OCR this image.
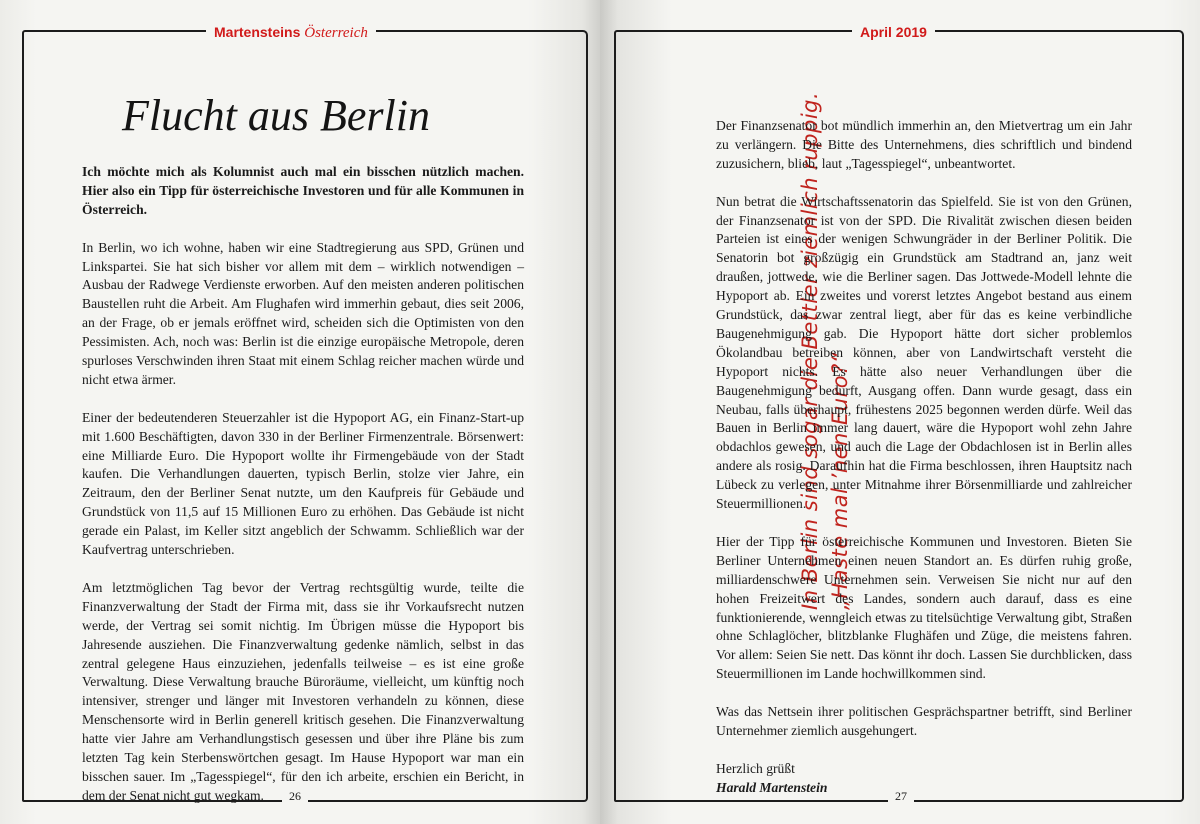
Martensteins Österreich
Flucht aus Berlin

Ich möchte mich als Kolumnist auch mal ein bisschen nützlich machen. Hier also ein Tipp für österreichische Investoren und für alle Kommunen in Österreich.

In Berlin, wo ich wohne, haben wir eine Stadtregierung aus SPD, Grünen und Linkspartei. Sie hat sich bisher vor allem mit dem – wirklich notwendigen – Ausbau der Radwege Verdienste erworben. Auf den meisten anderen politischen Baustellen ruht die Arbeit. Am Flughafen wird immerhin gebaut, dies seit 2006, an der Frage, ob er jemals eröffnet wird, scheiden sich die Optimisten von den Pessimisten. Ach, noch was: Berlin ist die einzige europäische Metropole, deren spurloses Verschwinden ihren Staat mit einem Schlag reicher machen würde und nicht etwa ärmer.

Einer der bedeutenderen Steuerzahler ist die Hypoport AG, ein Finanz-Start-up mit 1.600 Beschäftigten, davon 330 in der Berliner Firmenzentrale. Börsenwert: eine Milliarde Euro. Die Hypoport wollte ihr Firmengebäude von der Stadt kaufen. Die Verhandlungen dauerten, typisch Berlin, stolze vier Jahre, ein Zeitraum, den der Berliner Senat nutzte, um den Kaufpreis für Gebäude und Grundstück von 11,5 auf 15 Millionen Euro zu erhöhen. Das Gebäude ist nicht gerade ein Palast, im Keller sitzt angeblich der Schwamm. Schließlich war der Kaufvertrag unterschrieben.

Am letztmöglichen Tag bevor der Vertrag rechtsgültig wurde, teilte die Finanzverwaltung der Stadt der Firma mit, dass sie ihr Vorkaufsrecht nutzen werde, der Vertrag sei somit nichtig. Im Übrigen müsse die Hypoport bis Jahresende ausziehen. Die Finanzverwaltung gedenke nämlich, selbst in das zentral gelegene Haus einzuziehen, jedenfalls teilweise – es ist eine große Verwaltung. Diese Verwaltung brauche Büroräume, vielleicht, um künftig noch intensiver, strenger und länger mit Investoren verhandeln zu können, diese Menschensorte wird in Berlin generell kritisch gesehen. Die Finanzverwaltung hatte vier Jahre am Verhandlungstisch gesessen und über ihre Pläne bis zum letzten Tag kein Sterbenswörtchen gesagt. Im Hause Hypoport war man ein bisschen sauer. Im „Tagesspiegel“, für den ich arbeite, erschien ein Bericht, in dem der Senat nicht gut wegkam.	26
April 2019
In Berlin sind sogar die Bettler ziemlich ruppig. „Haste mal ’nen Euro?“

Der Finanzsenator bot mündlich immerhin an, den Mietvertrag um ein Jahr zu verlängern. Die Bitte des Unternehmens, dies schriftlich und bindend zuzusichern, blieb, laut „Tagesspiegel“, unbeantwortet.

Nun betrat die Wirtschaftssenatorin das Spielfeld. Sie ist von den Grünen, der Finanzsenator ist von der SPD. Die Rivalität zwischen diesen beiden Parteien ist eines der wenigen Schwungräder in der Berliner Politik. Die Senatorin bot großzügig ein Grundstück am Stadtrand an, janz weit draußen, jottwede, wie die Berliner sagen. Das Jottwede-Modell lehnte die Hypoport ab. Ein zweites und vorerst letztes Angebot bestand aus einem Grundstück, das zwar zentral liegt, aber für das es keine verbindliche Baugenehmigung gab. Die Hypoport hätte dort sicher problemlos Ökolandbau betreiben können, aber von Landwirtschaft versteht die Hypoport nichts. Es hätte also neuer Verhandlungen über die Baugenehmigung bedurft, Ausgang offen. Dann wurde gesagt, dass ein Neubau, falls überhaupt, frühestens 2025 begonnen werden dürfe. Weil das Bauen in Berlin immer lang dauert, wäre die Hypoport wohl zehn Jahre obdachlos gewesen, und auch die Lage der Obdachlosen ist in Berlin alles andere als rosig. Daraufhin hat die Firma beschlossen, ihren Hauptsitz nach Lübeck zu verlegen, unter Mitnahme ihrer Börsenmilliarde und zahlreicher Steuermillionen.

Hier der Tipp für österreichische Kommunen und Investoren. Bieten Sie Berliner Unternehmen einen neuen Standort an. Es dürfen ruhig große, milliardenschwere Unternehmen sein. Verweisen Sie nicht nur auf den hohen Freizeitwert des Landes, sondern auch darauf, dass es eine funktionierende, wenngleich etwas zu titelsüchtige Verwaltung gibt, Straßen ohne Schlaglöcher, blitzblanke Flughäfen und Züge, die meistens fahren. Vor allem: Seien Sie nett. Das könnt ihr doch. Lassen Sie durchblicken, dass Steuermillionen im Lande hochwillkommen sind.

Was das Nettsein ihrer politischen Gesprächspartner betrifft, sind Berliner Unternehmer ziemlich ausgehungert.

Herzlich grüßt

Harald Martenstein

27
